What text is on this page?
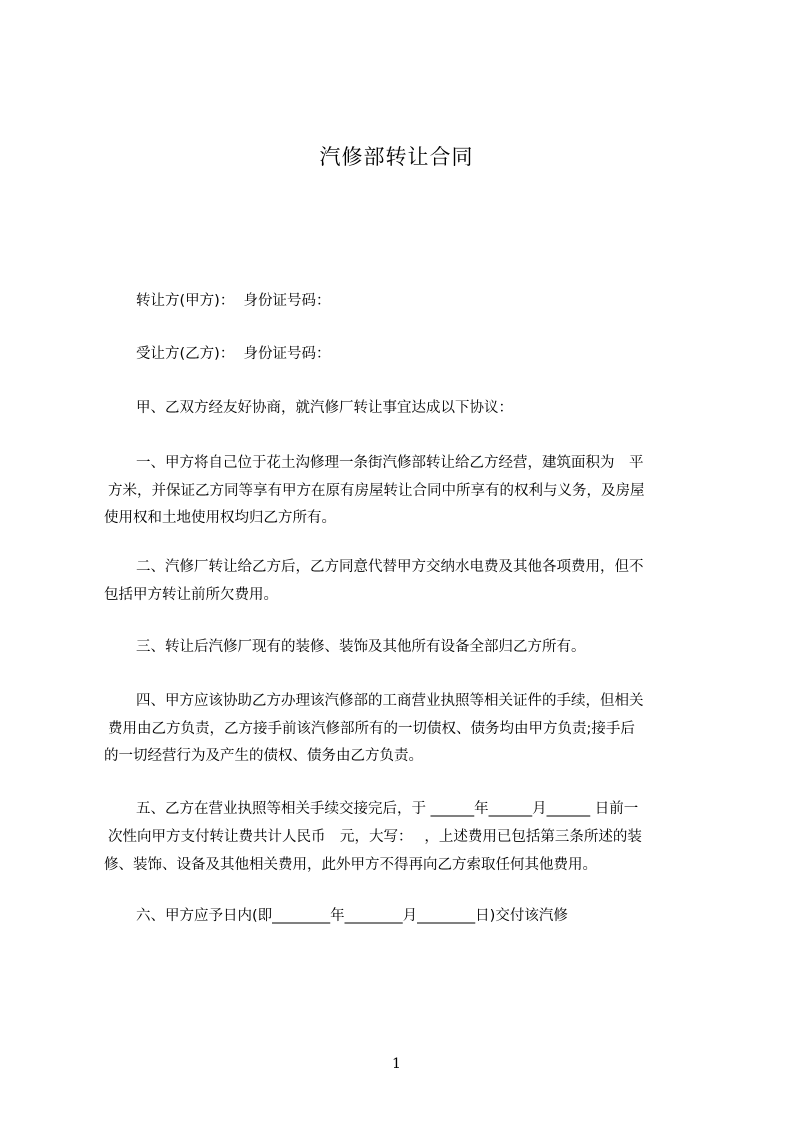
汽修部转让合同
转让方(甲方)：  身份证号码：
受让方(乙方)：  身份证号码：
甲、乙双方经友好协商，就汽修厂转让事宜达成以下协议：
一、甲方将自己位于花土沟修理一条街汽修部转让给乙方经营，建筑面积为　平
方米，并保证乙方同等享有甲方在原有房屋转让合同中所享有的权利与义务，及房屋
使用权和土地使用权均归乙方所有。
二、汽修厂转让给乙方后，乙方同意代替甲方交纳水电费及其他各项费用，但不
包括甲方转让前所欠费用。
三、转让后汽修厂现有的装修、装饰及其他所有设备全部归乙方所有。
四、甲方应该协助乙方办理该汽修部的工商营业执照等相关证件的手续，但相关
费用由乙方负责，乙方接手前该汽修部所有的一切债权、债务均由甲方负责;接手后
的一切经营行为及产生的债权、债务由乙方负责。
五、乙方在营业执照等相关手续交接完后，于 ______年______月______ 日前一
次性向甲方支付转让费共计人民币　元，大写：　 ，上述费用已包括第三条所述的装
修、装饰、设备及其他相关费用，此外甲方不得再向乙方索取任何其他费用。
六、甲方应予日内(即________年________月________日)交付该汽修
1
